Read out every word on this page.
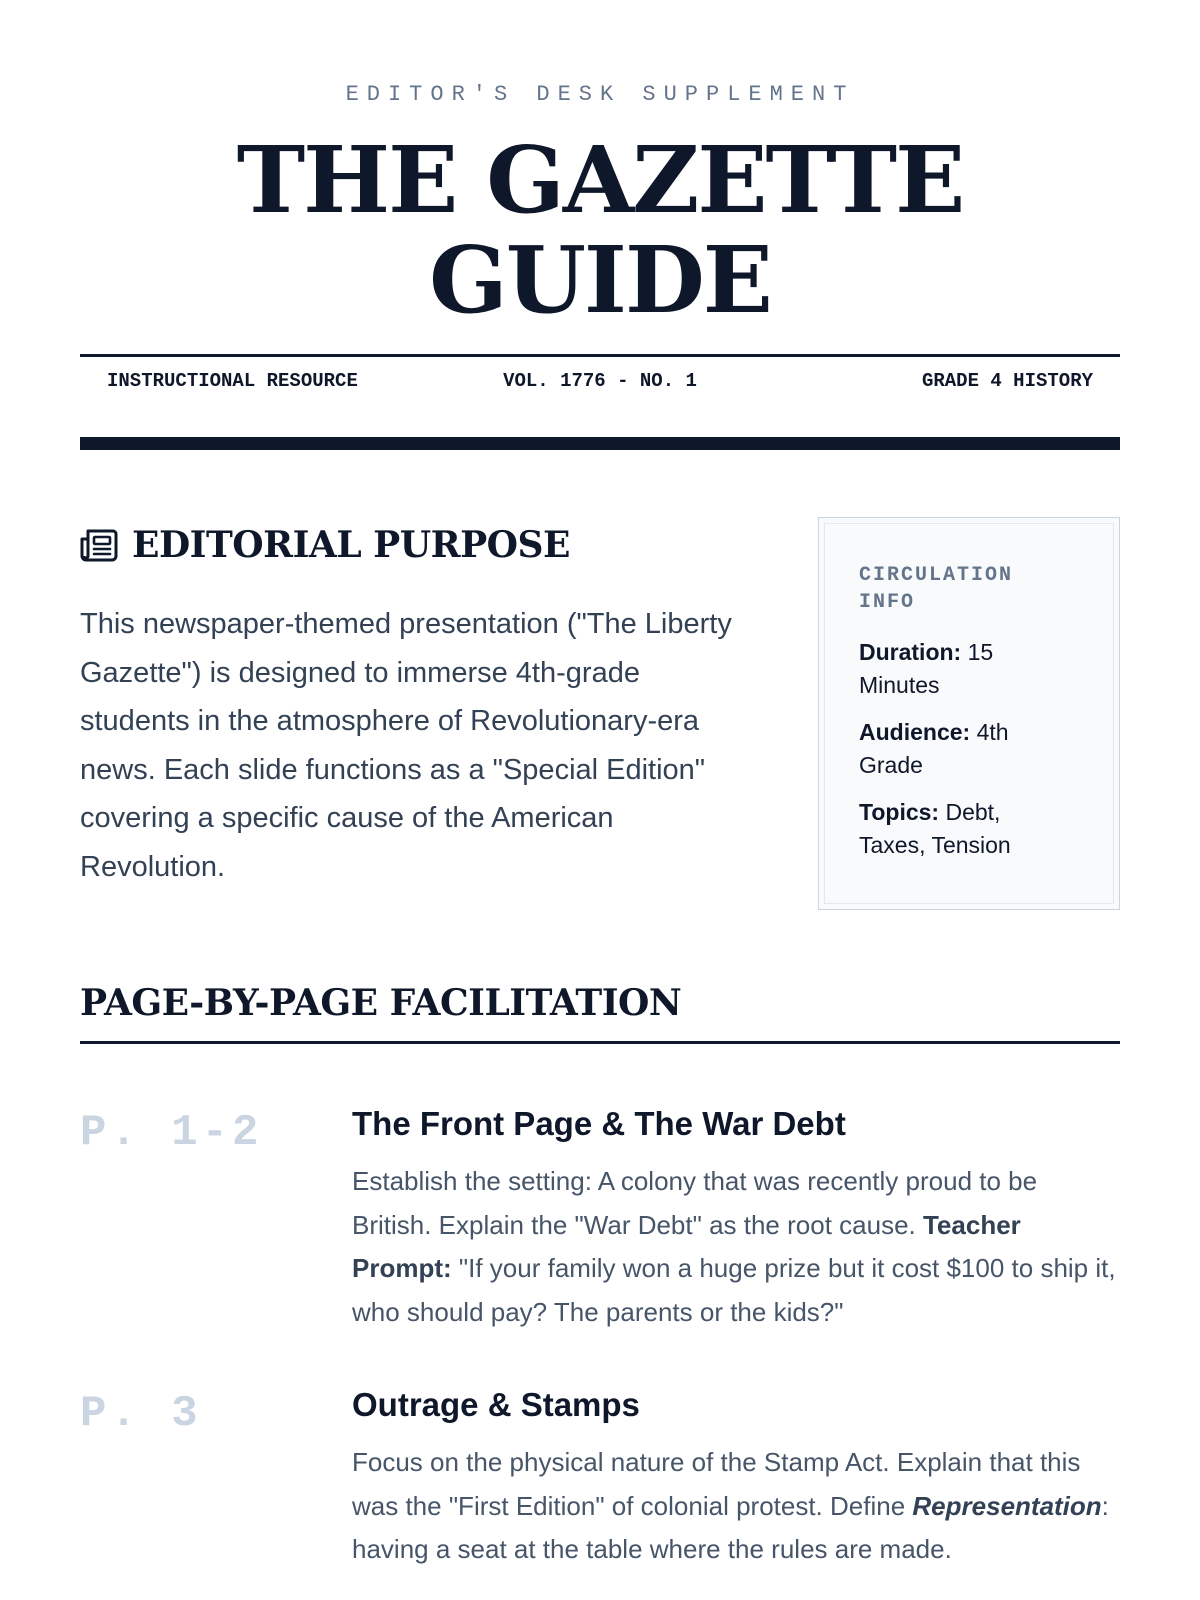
EDITOR'S DESK SUPPLEMENT
THE GAZETTE
GUIDE
INSTRUCTIONAL RESOURCE	VOL. 1776 - NO. 1	GRADE 4 HISTORY
EDITORIAL PURPOSE

This newspaper-themed presentation ("The Liberty Gazette") is designed to immerse 4th-grade students in the atmosphere of Revolutionary-era news. Each slide functions as a "Special Edition" covering a specific cause of the American Revolution.

CIRCULATION INFO
Duration: 15 Minutes
Audience: 4th Grade
Topics: Debt, Taxes, Tension
PAGE-BY-PAGE FACILITATION
P. 1-2	The Front Page & The War Debt

Establish the setting: A colony that was recently proud to be British. Explain the "War Debt" as the root cause. Teacher Prompt: "If your family won a huge prize but it cost $100 to ship it, who should pay? The parents or the kids?"

P. 3	Outrage & Stamps

Focus on the physical nature of the Stamp Act. Explain that this was the "First Edition" of colonial protest. Define Representation: having a seat at the table where the rules are made.
